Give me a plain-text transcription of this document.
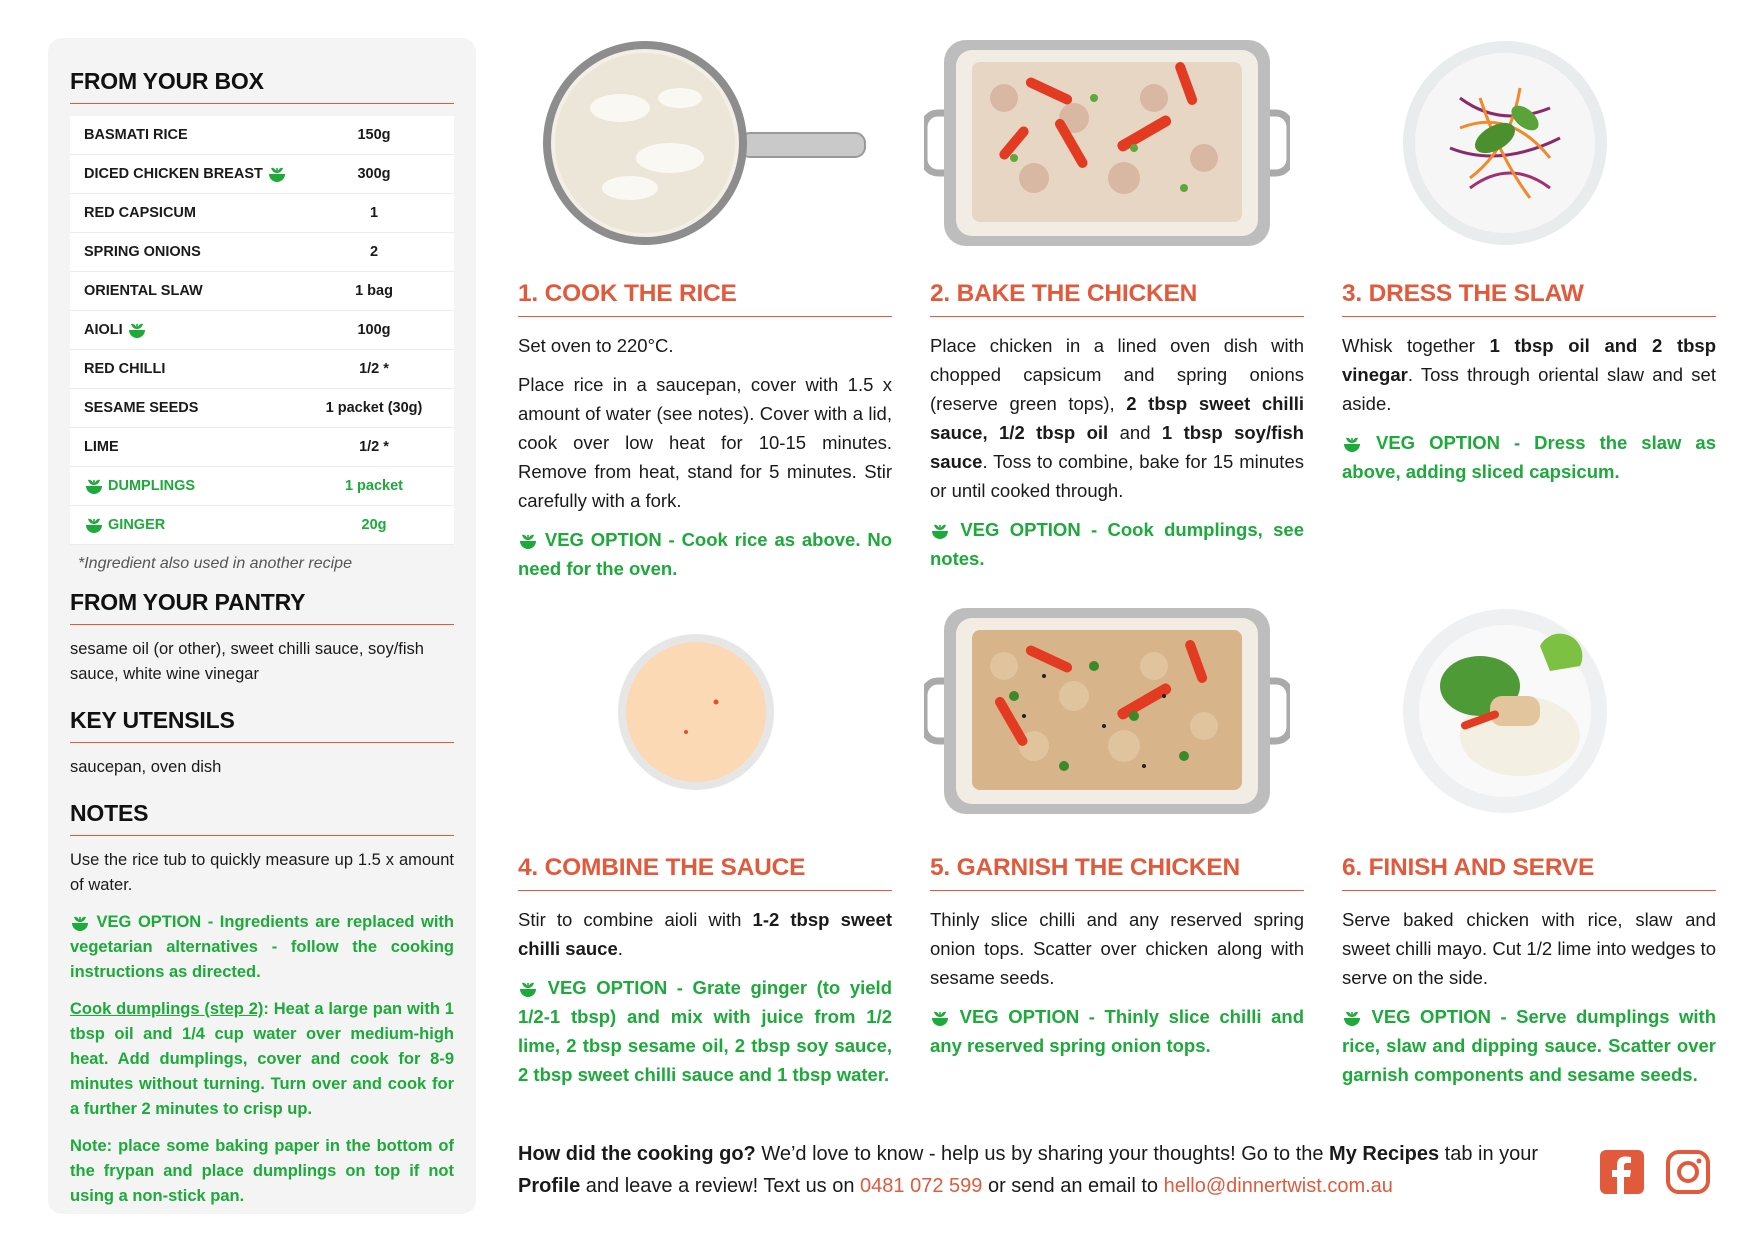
FROM YOUR BOX
BASMATI RICE	150g
DICED CHICKEN BREAST	300g
RED CAPSICUM	1
SPRING ONIONS	2
ORIENTAL SLAW	1 bag
AIOLI	100g
RED CHILLI	1/2 *
SESAME SEEDS	1 packet (30g)
LIME	1/2 *
DUMPLINGS	1 packet
GINGER	20g
*Ingredient also used in another recipe
FROM YOUR PANTRY

sesame oil (or other), sweet chilli sauce, soy/fish sauce, white wine vinegar

KEY UTENSILS

saucepan, oven dish

NOTES

Use the rice tub to quickly measure up 1.5 x amount of water.

VEG OPTION - Ingredients are replaced with vegetarian alternatives - follow the cooking instructions as directed.

Cook dumplings (step 2): Heat a large pan with 1 tbsp oil and 1/4 cup water over medium-high heat. Add dumplings, cover and cook for 8-9 minutes without turning. Turn over and cook for a further 2 minutes to crisp up.

Note: place some baking paper in the bottom of the frypan and place dumplings on top if not using a non-stick pan.

1. COOK THE RICE

Set oven to 220°C.

Place rice in a saucepan, cover with 1.5 x amount of water (see notes). Cover with a lid, cook over low heat for 10-15 minutes. Remove from heat, stand for 5 minutes. Stir carefully with a fork.

VEG OPTION - Cook rice as above. No need for the oven.

2. BAKE THE CHICKEN

Place chicken in a lined oven dish with chopped capsicum and spring onions (reserve green tops), 2 tbsp sweet chilli sauce, 1/2 tbsp oil and 1 tbsp soy/fish sauce. Toss to combine, bake for 15 minutes or until cooked through.

VEG OPTION - Cook dumplings, see notes.

3. DRESS THE SLAW

Whisk together 1 tbsp oil and 2 tbsp vinegar. Toss through oriental slaw and set aside.

VEG OPTION - Dress the slaw as above, adding sliced capsicum.

4. COMBINE THE SAUCE

Stir to combine aioli with 1-2 tbsp sweet chilli sauce.

VEG OPTION - Grate ginger (to yield 1/2-1 tbsp) and mix with juice from 1/2 lime, 2 tbsp sesame oil, 2 tbsp soy sauce, 2 tbsp sweet chilli sauce and 1 tbsp water.

5. GARNISH THE CHICKEN

Thinly slice chilli and any reserved spring onion tops. Scatter over chicken along with sesame seeds.

VEG OPTION - Thinly slice chilli and any reserved spring onion tops.

6. FINISH AND SERVE

Serve baked chicken with rice, slaw and sweet chilli mayo. Cut 1/2 lime into wedges to serve on the side.

VEG OPTION - Serve dumplings with rice, slaw and dipping sauce. Scatter over garnish components and sesame seeds.

How did the cooking go? We’d love to know - help us by sharing your thoughts! Go to the My Recipes tab in your Profile and leave a review! Text us on 0481 072 599 or send an email to hello@dinnertwist.com.au
